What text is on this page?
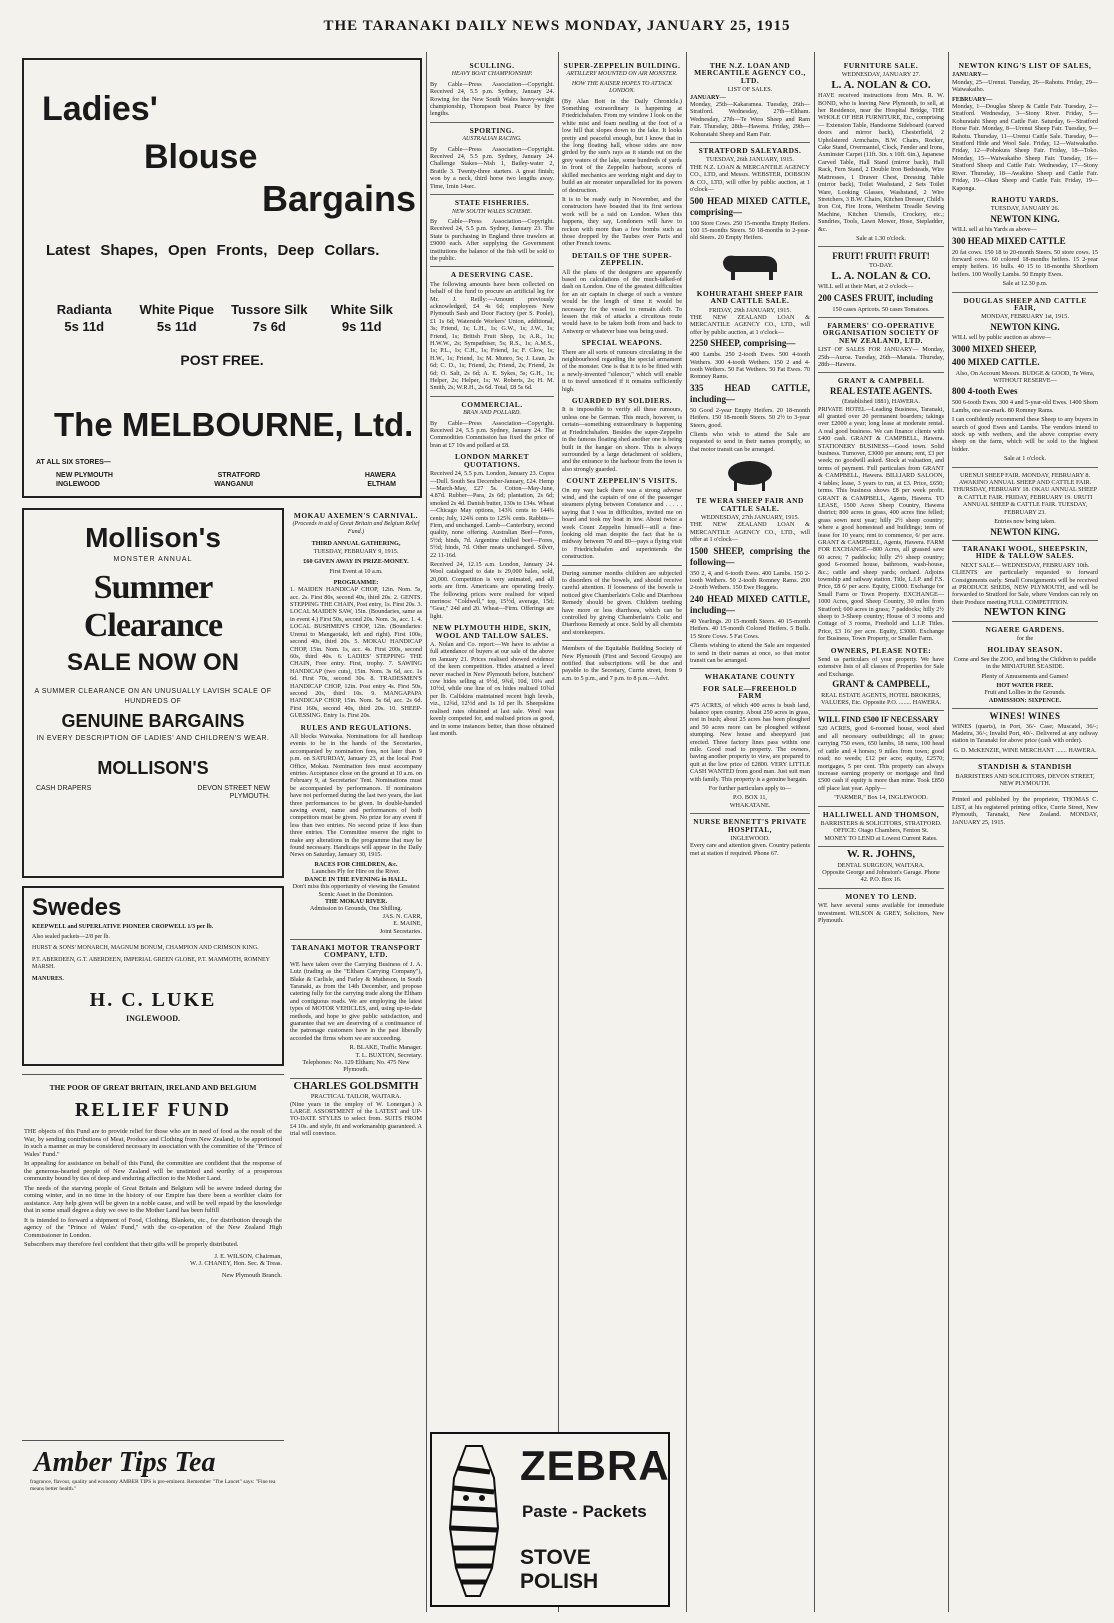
THE TARANAKI DAILY NEWS MONDAY, JANUARY 25, 1915
Ladies'
Blouse
Bargains
Latest Shapes, Open Fronts, Deep Collars.
Radianta	White Pique	Tussore Silk	White Silk
5s 11d	5s 11d	7s 6d	9s 11d
POST FREE.
The MELBOURNE, Ltd.
AT ALL SIX STORES—
NEW PLYMOUTH	STRATFORD	HAWERA
INGLEWOOD	WANGANUI	ELTHAM
Mollison's
MONSTER ANNUAL
Summer Clearance
SALE NOW ON
A SUMMER CLEARANCE ON AN UNUSUALLY LAVISH SCALE OF HUNDREDS OF
GENUINE BARGAINS
IN EVERY DESCRIPTION OF LADIES' AND CHILDREN'S WEAR.
MOLLISON'S
CASH DRAPERS	DEVON STREET NEW PLYMOUTH.
Swedes
KEEPWELL and SUPERLATIVE PIONEER CROPWELL 1/3 per lb.
Also sealed packets—2/8 per lb.
HURST & SONS' MONARCH, MAGNUM BONUM, CHAMPION AND CRIMSON KING.
P.T. ABERDEEN, G.T. ABERDEEN, IMPERIAL GREEN GLOBE, P.T. MAMMOTH, ROMNEY MARSH.
MANURES.
H. C. LUKE
INGLEWOOD.
THE POOR OF GREAT BRITAIN, IRELAND AND BELGIUM
RELIEF FUND

THE objects of this Fund are to provide relief for those who are in need of food as the result of the War, by sending contributions of Meat, Produce and Clothing from New Zealand, to be apportioned in such a manner as may be considered necessary in association with the committee of the "Prince of Wales' Fund."

In appealing for assistance on behalf of this Fund, the committee are confident that the response of the generous-hearted people of New Zealand will be unstinted and worthy of a prosperous community bound by ties of deep and enduring affection to the Mother Land.

The needs of the starving people of Great Britain and Belgium will be severe indeed during the coming winter, and in no time in the history of our Empire has there been a worthier claim for assistance. Any help given will be given in a noble cause, and will be well repaid by the knowledge that in some small degree a duty we owe to the Mother Land has been fulfill

It is intended to forward a shipment of Food, Clothing, Blankets, etc., for distribution through the agency of the "Prince of Wales' Fund," with the co-operation of the New Zealand High Commissioner in London.

Subscribers may therefore feel confident that their gifts will be properly distributed.

J. E. WILSON, Chairman,
W. J. CHANEY, Hon. Sec. & Treas.
New Plymouth Branch.
Amber Tips Tea
fragrance, flavour, quality and economy AMBER TIPS is pre-eminent. Remember "The Lancet" says: "Fine tea means better health."
MOKAU AXEMEN'S CARNIVAL.
(Proceeds in aid of Great Britain and Belgium Relief Fund.)
THIRD ANNUAL GATHERING,
TUESDAY, FEBRUARY 9, 1915.
£60 GIVEN AWAY IN PRIZE-MONEY.
First Event at 10 a.m.
PROGRAMME:

1. MAIDEN HANDICAP CHOP, 12in. Nom. 5s, acc. 2s. First 80s, second 40s, third 20s. 2. GENTS. STEPPING THE CHAIN, Post entry, 1s. First 20s. 3. LOCAL MAIDEN SAW, 15in. (Boundaries, same as in event 4.) First 50s, second 20s. Nom. 3s, acc. 1. 4. LOCAL BUSHMEN'S CHOP, 12in. (Boundaries: Urenui to Mangaotaki, left and right). First 100s, second 40s, third 20s. 5. MOKAU HANDICAP CHOP, 15in. Nom. 1s, acc. 4s. First 200s, second 60s, third 40s. 6. LADIES' STEPPING THE CHAIN, Free entry. First, trophy. 7. SAWING HANDICAP (two cuts), 15in. Nom. 3s 6d, acc. 1s 6d. First 70s, second 30s. 8. TRADESMEN'S HANDICAP CHOP, 12in. Post entry 4s. First 50s, second 20s, third 10s. 9. MANGAPAPA HANDICAP CHOP, 15in. Nom. 5s 6d, acc. 2s 6d. First 160s, second 40s, third 20s. 10. SHEEP-GUESSING. Entry 1s. First 20s.

RULES AND REGULATIONS.

All blocks Waiwaka. Nominations for all handicap events to be in the hands of the Secretaries, accompanied by nomination fees, not later than 9 p.m. on SATURDAY, January 23, at the local Post Office, Mokau. Nomination fees must accompany entries. Acceptance close on the ground at 10 a.m. on February 9, at Secretaries' Tent. Nominations must be accompanied by performances. If nominators have not performed during the last two years, the last three performances to be given. In double-handed sawing event, name and performances of both competitors must be given. No prize for any event if less than two entries. No second prize if less than three entries. The Committee reserve the right to make any alterations in the programme that may be found necessary. Handicaps will appear in the Daily News on Saturday, January 30, 1915.

RACES FOR CHILDREN, &c.
Launches Ply for Hire on the River.
DANCE IN THE EVENING in HALL.
Don't miss this opportunity of viewing the Greatest Scenic Asset in the Dominion.
THE MOKAU RIVER.
Admission to Grounds, One Shilling.
JAS. N. CARR,
E. MAINE,
Joint Secretaries.
TARANAKI MOTOR TRANSPORT COMPANY, LTD.

WE have taken over the Carrying Business of J. A. Lutz (trading as the "Eltham Carrying Company"), Blake & Carlisle, and Farley & Matheson, in South Taranaki, as from the 14th December, and propose catering fully for the carrying trade along the Eltham and contiguous roads. We are employing the latest types of MOTOR VEHICLES, and, using up-to-date methods, and hope to give public satisfaction, and guarantee that we are deserving of a continuance of the patronage customers have in the past liberally accorded the firms whom we are succeeding.

R. BLAKE, Traffic Manager.
T. L. BUXTON, Secretary.

Telephones: No. 129 Eltham; No. 475 New Plymouth.

CHARLES GOLDSMITH
PRACTICAL TAILOR, WAITARA.

(Nine years in the employ of W. Lonergan.) A LARGE ASSORTMENT of the LATEST and UP-TO-DATE STYLES to select from. SUITS FROM £4 10s. and style, fit and workmanship guaranteed. A trial will convince.

SCULLING.
HEAVY BOAT CHAMPIONSHIP.

By Cable—Press Association—Copyright. Received 24, 5.5 p.m. Sydney, January 24. Rowing for the New South Wales heavy-weight championship, Thompson beat Pearce by five lengths.

SPORTING.
AUSTRALIAN RACING.

By Cable—Press Association—Copyright. Received 24, 5.5 p.m. Sydney, January 24. Challenge Stakes—Nish 1, Bailey-water 2, Brattle 3. Twenty-three starters. A great finish; won by a neck, third horse two lengths away. Time, 1min 14sec.

STATE FISHERIES.
NEW SOUTH WALES SCHEME.

By Cable—Press Association—Copyright. Received 24, 5.5 p.m. Sydney, January 23. The State is purchasing in England three trawlers at £9000 each. After supplying the Government institutions the balance of the fish will be sold to the public.

A DESERVING CASE.

The following amounts have been collected on behalf of the fund to procure an artificial leg for Mr. J. Reilly:—Amount previously acknowledged, £4 4s 6d; employees New Plymouth Sash and Door Factory (per S. Poole), £1 1s 6d; Waterside Workers' Union, additional, 3s; Friend, 1s; L.H., 1s; G.W., 1s; J.W., 1s; Friend, 1s; British Fruit Shop, 1s; A.R., 1s; H.W.W., 2s; Sympathiser, 5s; R.S., 1s; A.M.S., 1s; P.L., 1s; C.H., 1s; Friend, 1s; F. Clow, 1s; H.W., 1s; Friend, 1s; M. Munro, 5s; J. Lean, 2s 6d; C. D., 1s; Friend, 2s; Friend, 2s; Friend, 2s 6d; O. Salt, 2s 6d; A. E. Sykes, 5s; G.H., 1s; Helper, 2s; Helper, 1s; W. Roberts, 2s; H. M. Smith, 2s; W.R.H., 2s 6d. Total, £8 5s 6d.

COMMERCIAL.
BRAN AND POLLARD.

By Cable—Press Association—Copyright. Received 24, 5.5 p.m. Sydney, January 24. The Commodities Commission has fixed the price of bran at £7 10s and pollard at £8.

LONDON MARKET QUOTATIONS.

Received 24, 5.5 p.m. London, January 23. Copra—Dull. South Sea December-January, £24. Hemp—March-May, £27 5s. Cotton—May-June, 4.87d. Rubber—Para, 2s 6d; plantation, 2s 6d; smoked 2s 4d. Danish butter, 130s to 134s. Wheat—Chicago May options, 143¾ cents to 144¾ cents; July, 124¾ cents to 125¾ cents. Rabbits—Firm, and unchanged. Lamb—Canterbury, second quality, none offering. Australian Beef—Fores, 5½d; hinds, 7d. Argentine chilled beef—Fores, 5½d; hinds, 7d. Other meats unchanged. Silver, 22 11-16d.

Received 24, 12.15 a.m. London, January 24. Wool catalogued to date is 29,000 bales, sold, 20,000. Competition is very animated, and all sorts are firm. Americans are operating freely. The following prices were realised for wiped merinos: "Coldwell," top, 15½d, average, 15d; "Gear," 24d and 20. Wheat—Firm. Offerings are light.

NEW PLYMOUTH HIDE, SKIN, WOOL AND TALLOW SALES.

A. Nolan and Co. report:—We have to advise a full attendance of buyers at our sale of the above on January 21. Prices realised showed evidence of the keen competition. Hides attained a level never reached in New Plymouth before, butchers' cow hides selling at 9½d, 9¾d, 10d, 10¼ and 10½d, while one line of ox hides realised 10¾d per lb. Calfskins maintained recent high levels, viz., 12¾d, 12½d and 1s 1d per lb. Sheepskins realised rates obtained at last sale. Wool was keenly competed for, and realised prices as good, and in some instances better, than those obtained last month.

ZEBRA
Paste - Packets
STOVE POLISH
SUPER-ZEPPELIN BUILDING.
ARTILLERY MOUNTED ON AIR MONSTER.
HOW THE KAISER HOPES TO ATTACK LONDON.

(By Alan Bott in the Daily Chronicle.) Something extraordinary is happening at Friedrichshafen. From my window I look on the white mist and foam nestling at the foot of a low hill that slopes down to the lake. It looks pretty and peaceful enough, but I know that in the long floating hall, whose sides are now girded by the sun's rays as it stands out on the grey waters of the lake, some hundreds of yards in front of the Zeppelin harbour, scores of skilled mechanics are working night and day to build an air monster unparalleled for its powers of destruction.

It is to be ready early in November, and the constructors have boasted that its first serious work will be a raid on London. When this happens, they say, Londoners will have to reckon with more than a few bombs such as those dropped by the Taubes over Paris and other French towns.

DETAILS OF THE SUPER-ZEPPELIN.

All the plans of the designers are apparently based on calculations of the much-talked-of dash on London. One of the greatest difficulties for an air captain in charge of such a venture would be the length of time it would be necessary for the vessel to remain aloft. To lessen the risk of attacks a circuitous route would have to be taken both from and back to Antwerp or whatever base was being used.

SPECIAL WEAPONS.

There are all sorts of rumours circulating in the neighbourhood regarding the special armament of the monster. One is that it is to be fitted with a newly-invented "silencer," which will enable it to travel unnoticed if it remains sufficiently high.

GUARDED BY SOLDIERS.

It is impossible to verify all these rumours, unless one be German. This much, however, is certain—something extraordinary is happening at Friedrichshafen. Besides the super-Zeppelin in the famous floating shed another one is being built in the hangar on shore. This is always surrounded by a large detachment of soldiers, and the entrance to the harbour from the town is also strongly guarded.

COUNT ZEPPELIN'S VISITS.

On my way back there was a strong adverse wind, and the captain of one of the passenger steamers plying between Constance and . . . . . saying that I was in difficulties, invited me on board and took my boat in tow. About twice a week Count Zeppelin himself—still a fine-looking old man despite the fact that he is midway between 70 and 80—pays a flying visit to Friedrichshafen and superintends the construction.

During summer months children are subjected to disorders of the bowels, and should receive careful attention. If looseness of the bowels is noticed give Chamberlain's Colic and Diarrhoea Remedy should be given. Children teething have more or less diarrhoea, which can be controlled by giving Chamberlain's Colic and Diarrhoea Remedy at once. Sold by all chemists and storekeepers.

Members of the Equitable Building Society of New Plymouth (First and Second Groups) are notified that subscriptions will be due and payable to the Secretary, Currie street, from 9 a.m. to 5 p.m., and 7 p.m. to 8 p.m.—Advt.

THE N.Z. LOAN AND MERCANTILE AGENCY CO., LTD.
LIST OF SALES.
JANUARY—

Monday, 25th—Kakaramea. Tuesday, 26th—Stratford. Wednesday, 27th—Eltham. Wednesday, 27th—Te Wera Sheep and Ram Fair. Thursday, 28th—Hawera. Friday, 29th—Kohuratahi Sheep and Ram Fair.

STRATFORD SALEYARDS.
TUESDAY, 26th JANUARY, 1915.

THE N.Z. LOAN & MERCANTILE AGENCY CO., LTD, and Messrs. WEBSTER, DOBSON & CO., LTD, will offer by public auction, at 1 o'clock—

500 HEAD MIXED CATTLE, comprising—

100 Store Cows. 250 15-months Empty Heifers. 100 15-months Steers. 50 18-months to 2-year-old Steers. 20 Empty Heifers.

KOHURATAHI SHEEP FAIR AND CATTLE SALE.
FRIDAY, 29th JANUARY, 1915.

THE NEW ZEALAND LOAN & MERCANTILE AGENCY CO., LTD., will offer by public auction, at 1 o'clock—

2250 SHEEP, comprising—

400 Lambs. 250 2-tooth Ewes. 500 4-tooth Wethers. 300 4-tooth Wethers. 150 2 and 4-tooth Wethers. 50 Fat Wethers. 50 Fat Ewes. 70 Romney Rams.

335 HEAD CATTLE, including—

50 Good 2-year Empty Heifers. 20 18-month Heifers. 150 18-month Steers. 50 2½ to 3-year Steers, good.

Clients who wish to attend the Sale are requested to send in their names promptly, so that motor transit can be arranged.

TE WERA SHEEP FAIR AND CATTLE SALE.
WEDNESDAY, 27th JANUARY, 1915.

THE NEW ZEALAND LOAN & MERCANTILE AGENCY CO., LTD., will offer at 1 o'clock—

1500 SHEEP, comprising the following—

350 2, 4, and 6-tooth Ewes. 400 Lambs. 150 2-tooth Wethers. 50 2-tooth Romney Rams. 200 2-tooth Wethers. 150 Ewe Hoggets.

240 HEAD MIXED CATTLE, including—

40 Yearlings. 20 15-month Steers. 40 15-month Heifers. 40 15-month Colored Heifers. 5 Bulls. 15 Store Cows. 5 Fat Cows.

Clients wishing to attend the Sale are requested to send in their names at once, so that motor transit can be arranged.

WHAKATANE COUNTY
FOR SALE—FREEHOLD FARM

475 ACRES, of which 400 acres is bush land, balance open country. About 250 acres in grass, rest in bush; about 25 acres has been ploughed and 50 acres more can be ploughed without stumping. New house and sheepyard just erected. Three factory lines pass within one mile. Good road to property. The owners, having another property to view, are prepared to quit at the low price of £2800. VERY LITTLE CASH WANTED from good man. Just suit man with family. This property is a genuine bargain.

For further particulars apply to—

P.O. BOX 11,
WHAKATANE.
NURSE BENNETT'S PRIVATE HOSPITAL,
INGLEWOOD.

Every care and attention given. Country patients met at station if required. Phone 67.

FURNITURE SALE.
WEDNESDAY, JANUARY 27.
L. A. NOLAN & CO.

HAVE received instructions from Mrs. R. W. BOND, who is leaving New Plymouth, to sell, at her Residence, near the Hospital Bridge, THE WHOLE OF HER FURNITURE, Etc., comprising— Extension Table, Handsome Sideboard (carved doors and mirror back), Chesterfield, 2 Upholstered Armchairs, B.W. Chairs, Rocker, Cake Stand, Overmantel, Clock, Fender and Irons, Axminster Carpet (11ft. 3in. x 10ft. 6in.), Japanese Carved Table, Hall Stand (mirror back), Hall Rack, Fern Stand, 2 Double Iron Bedsteads, Wire Mattresses, 1 Drawer Chest, Dressing Table (mirror back), Toilet Washstand, 2 Sets Toilet Ware, Looking Glasses, Washstand, 2 Wire Stretchers, 3 B.W. Chairs, Kitchen Dresser, Child's Iron Cot, Fire Irons, Wertheim Treadle Sewing Machine, Kitchen Utensils, Crockery, etc.; Sundries, Tools, Lawn Mower, Hose, Stepladder, &c.

Sale at 1.30 o'clock.
FRUIT! FRUIT! FRUIT!
TO-DAY.
L. A. NOLAN & CO.

WILL sell at their Mart, at 2 o'clock—

200 CASES FRUIT, including

150 cases Apricots. 50 cases Tomatoes.

FARMERS' CO-OPERATIVE ORGANISATION SOCIETY OF NEW ZEALAND, LTD.

LIST OF SALES FOR JANUARY— Monday, 25th—Auroa. Tuesday, 26th—Manaia. Thursday, 28th—Hawera.

GRANT & CAMPBELL
REAL ESTATE AGENTS.
(Established 1881), HAWERA.

PRIVATE HOTEL—Leading Business, Taranaki, all granted over 20 permanent boarders; takings over £2000 a year; long lease at moderate rental. A real good business. We can finance clients with £400 cash. GRANT & CAMPBELL, Hawera. STATIONERY BUSINESS—Good town. Solid business. Turnover, £3000 per annum; rent, £3 per week; no goodwill asked. Stock at valuation, and terms of payment. Full particulars from GRANT & CAMPBELL, Hawera. BILLIARD SALOON, 4 tables; lease, 3 years to run, at £3. Price, £650; terms. This business shows £8 per week profit. GRANT & CAMPBELL, Agents, Hawera. TO LEASE, 1500 Acres Sheep Country, Hawera district; 800 acres in grass, 400 acres fine felled; grass sown next year; hilly 2½ sheep country; where a good homestead and buildings; term of lease for 10 years; rent to commence, 6/ per acre. GRANT & CAMPBELL, Agents, Hawera. FARM FOR EXCHANGE—800 Acres, all grassed save 60 acres; 7 paddocks; hilly 2½ sheep country; good 6-roomed house, bathroom, wash-house, &c.; cattle and sheep yards; orchard. Adjoins township and railway station. Title, L.I.P. and F.S. Price, £8 6/ per acre. Equity, £1000. Exchange for Small Farm or Town Property. EXCHANGE—1000 Acres, good Sheep Country, 30 miles from Stratford; 600 acres in grass; 7 paddocks; hilly 2½ sheep to 3-Sheep country; House of 3 rooms and Cottage of 3 rooms, Freehold and L.I.P. Titles. Price, £3 16/ per acre. Equity, £3000. Exchange for Business, Town Property, or Smaller Farm.

OWNERS, PLEASE NOTE:

Send us particulars of your property. We have extensive lists of all classes of Properties for Sale and Exchange.

GRANT & CAMPBELL,

REAL ESTATE AGENTS, HOTEL BROKERS, VALUERS, Etc. Opposite P.O. ........ HAWERA.

WILL FIND £500 IF NECESSARY

520 ACRES, good 6-roomed house, wool shed and all necessary outbuildings; all in grass; carrying 750 ewes, 650 lambs, 18 rams, 100 head of cattle and 4 horses; 9 miles from town; good road; no weeds; £12 per acre; equity, £2570; mortgages, 5 per cent. This property can always increase earning property or mortgage and find £500 cash if equity is more than mine. Took £850 off place last year. Apply—

"FARMER," Box 14, INGLEWOOD.
HALLIWELL AND THOMSON,
BARRISTERS & SOLICITORS, STRATFORD.
OFFICE: Otago Chambers, Fenton St.
MONEY TO LEND at Lowest Current Rates.
W. R. JOHNS,
DENTAL SURGEON, WAITARA.

Opposite George and Johnston's Garage. Phone 42. P.O. Box 16.

MONEY TO LEND.

WE have several sums available for immediate investment. WILSON & GREY, Solicitors, New Plymouth.

NEWTON KING'S LIST OF SALES,
JANUARY—

Monday, 25—Urenui. Tuesday, 26—Rahotu. Friday, 29—Waiwakaiho.

FEBRUARY—

Monday, 1—Douglas Sheep & Cattle Fair. Tuesday, 2—Stratford. Wednesday, 3—Stony River. Friday, 5—Kohuratahi Sheep and Cattle Fair. Saturday, 6—Stratford Horse Fair. Monday, 8—Urenui Sheep Fair. Tuesday, 9—Rahotu. Thursday, 11—Urenui Cattle Sale. Tuesday, 9—Stratford Hide and Wool Sale. Friday, 12—Waiwakaiho. Friday, 12—Pohokura Sheep Fair. Friday, 18—Toko. Monday, 15—Waiwakaiho Sheep Fair. Tuesday, 16—Stratford Sheep and Cattle Fair. Wednesday, 17—Stony River. Thursday, 18—Awakino Sheep and Cattle Fair. Friday, 19—Okau Sheep and Cattle Fair. Friday, 19—Kaponga.

RAHOTU YARDS.
TUESDAY, JANUARY 26.
NEWTON KING.

WILL sell at his Yards as above—

300 HEAD MIXED CATTLE

20 fat cows. 150 18 to 20-month Steers. 50 store cows. 15 forward cows. 60 colored 18-months heifers. 15 2-year empty heifers. 16 bulls. 40 15 to 18-months Shorthorn heifers. 100 Woolly Lambs. 50 Empty Ewes.

Sale at 12.30 p.m.
DOUGLAS SHEEP AND CATTLE FAIR,
MONDAY, FEBRUARY 1st, 1915.
NEWTON KING.

WILL sell by public auction as above—

3000 MIXED SHEEP,

400 MIXED CATTLE.

Also, On Account Messrs. BUDGE & GOOD, Te Wera, WITHOUT RESERVE—

800 4-tooth Ewes

500 6-tooth Ewes. 300 4 and 5-year-old Ewes. 1400 Shorn Lambs, one ear-mark. 80 Romney Rams.

I can confidently recommend these Sheep to any buyers in search of good Ewes and Lambs. The vendors intend to stock up with wethers, and the above comprise every sheep on the farm, which will be sold to the highest bidder.

Sale at 1 o'clock.

URENUI SHEEP FAIR. MONDAY, FEBRUARY 8. AWAKINO ANNUAL SHEEP AND CATTLE FAIR. THURSDAY, FEBRUARY 18. OKAU ANNUAL SHEEP & CATTLE FAIR. FRIDAY, FEBRUARY 19. URUTI ANNUAL SHEEP & CATTLE FAIR. TUESDAY, FEBRUARY 23.

Entries now being taken.
NEWTON KING.
TARANAKI WOOL, SHEEPSKIN, HIDE & TALLOW SALES.
NEXT SALE— WEDNESDAY, FEBRUARY 10th.

CLIENTS are particularly requested to forward Consignments early. Small Consignments will be received at PRODUCE SHEDS, NEW PLYMOUTH, and will be forwarded to Stratford for Sale, where Vendors can rely on their Produce meeting FULL COMPETITION.

NEWTON KING
NGAERE GARDENS.
for the
HOLIDAY SEASON.

Come and See the ZOO, and bring the Children to paddle in the MINIATURE SEASIDE.

Plenty of Amusements and Games!

HOT WATER FREE.
Fruit and Lollies in the Grounds.
ADMISSION: SIXPENCE.
WINES! WINES

WINES (quarts), in Port, 36/- Case; Muscatel, 36/-; Madeira, 36/-; Invalid Port, 40/-. Delivered at any railway station in Taranaki for above price (cash with order).

G. D. McKENZIE, WINE MERCHANT ....... HAWERA.
STANDISH & STANDISH

BARRISTERS AND SOLICITORS, DEVON STREET, NEW PLYMOUTH.

Printed and published by the proprietor, THOMAS C. LIST, at his registered printing office, Currie Street, New Plymouth, Taranaki, New Zealand. MONDAY, JANUARY 25, 1915.
